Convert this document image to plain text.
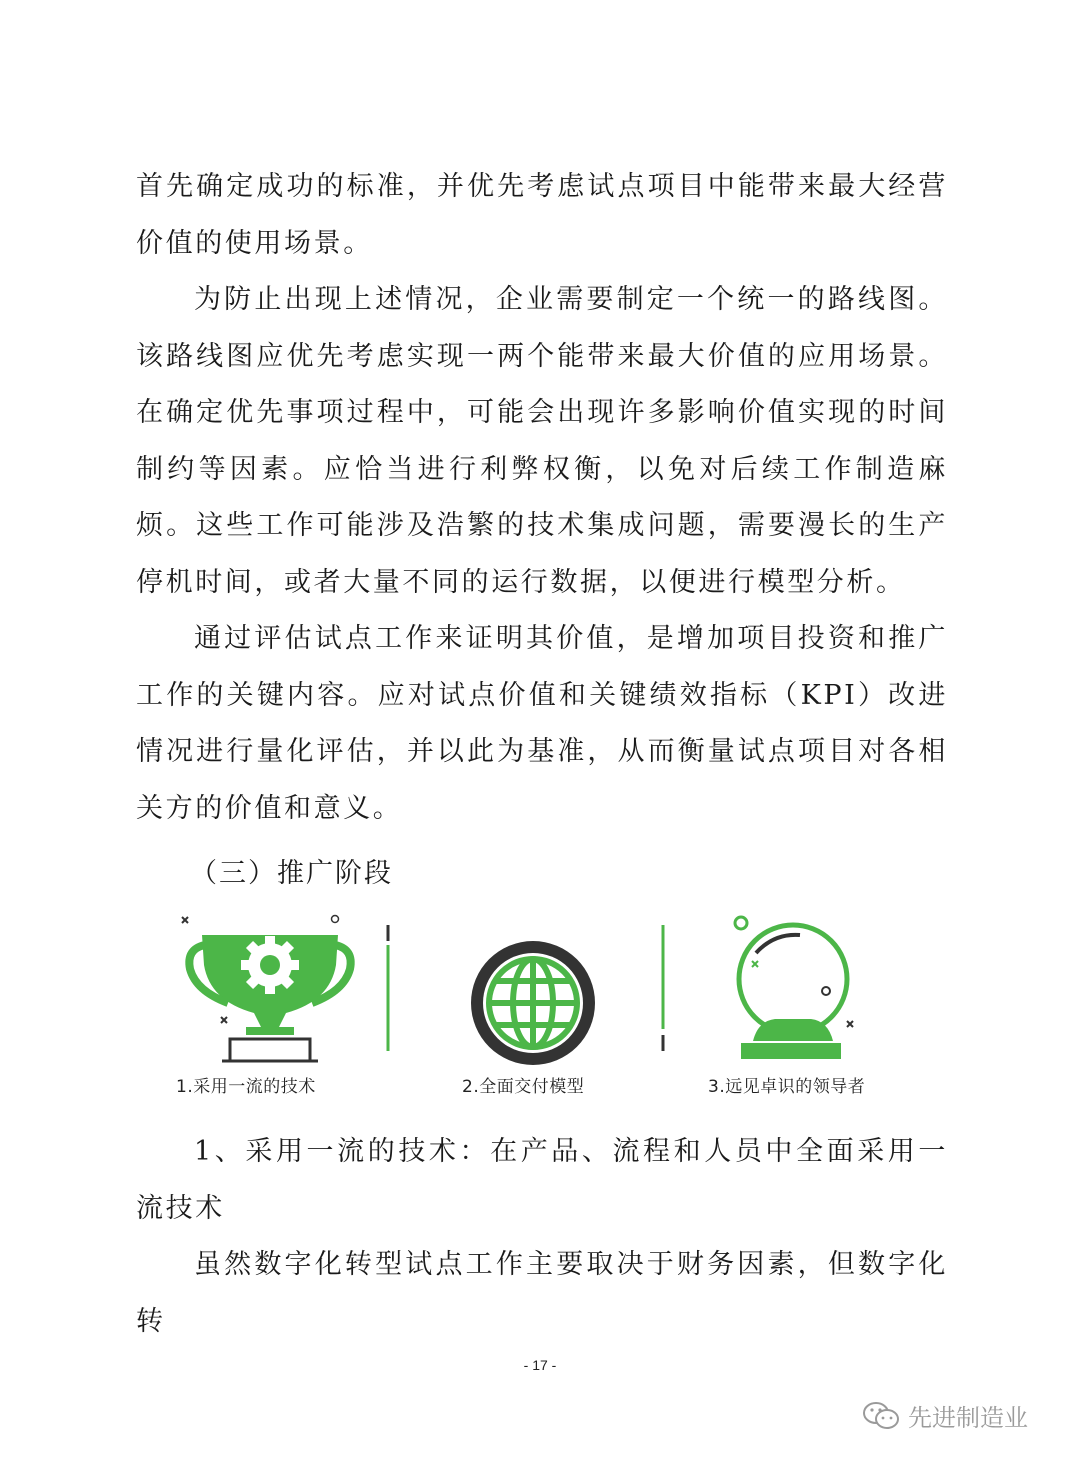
首先确定成功的标准，并优先考虑试点项目中能带来最大经营价值的使用场景。

为防止出现上述情况，企业需要制定一个统一的路线图。该路线图应优先考虑实现一两个能带来最大价值的应用场景。在确定优先事项过程中，可能会出现许多影响价值实现的时间制约等因素。应恰当进行利弊权衡，以免对后续工作制造麻烦。这些工作可能涉及浩繁的技术集成问题，需要漫长的生产停机时间，或者大量不同的运行数据，以便进行模型分析。

通过评估试点工作来证明其价值，是增加项目投资和推广工作的关键内容。应对试点价值和关键绩效指标（KPI）改进情况进行量化评估，并以此为基准，从而衡量试点项目对各相关方的价值和意义。

（三）推广阶段
1.采用一流的技术	2.全面交付模型	3.远见卓识的领导者

1、采用一流的技术：在产品、流程和人员中全面采用一流技术

虽然数字化转型试点工作主要取决于财务因素，但数字化转

- 17 -
先进制造业
